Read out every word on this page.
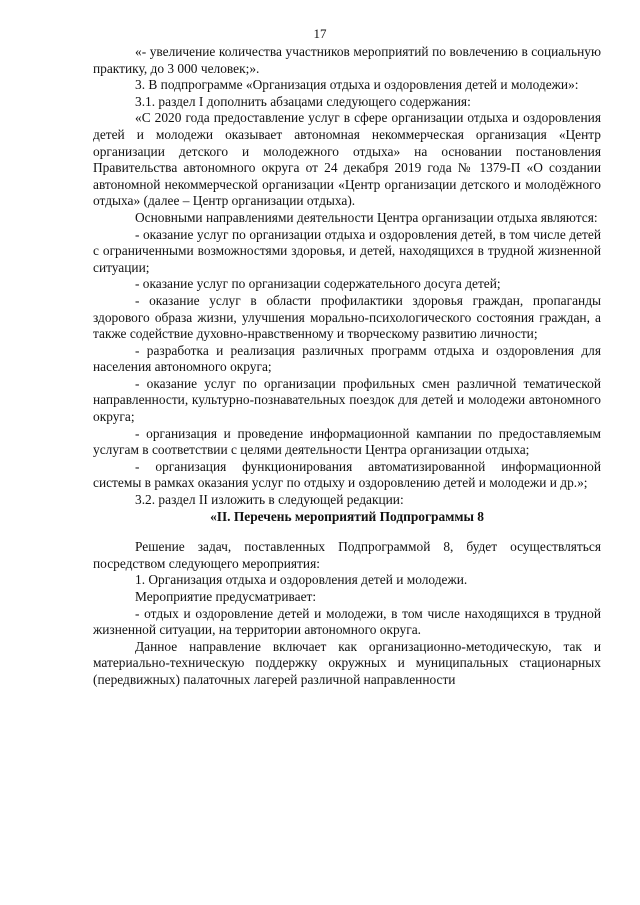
17

«- увеличение количества участников мероприятий по вовлечению в социальную практику, до 3 000 человек;».

3. В подпрограмме «Организация отдыха и оздоровления детей и молодежи»:

3.1. раздел I дополнить абзацами следующего содержания:

«С 2020 года предоставление услуг в сфере организации отдыха и оздоровления детей и молодежи оказывает автономная некоммерческая организация «Центр организации детского и молодежного отдыха» на основании постановления Правительства автономного округа от 24 декабря 2019 года № 1379-П «О создании автономной некоммерческой организации «Центр организации детского и молодёжного отдыха» (далее – Центр организации отдыха).

Основными направлениями деятельности Центра организации отдыха являются:

- оказание услуг по организации отдыха и оздоровления детей, в том числе детей с ограниченными возможностями здоровья, и детей, находящихся в трудной жизненной ситуации;

- оказание услуг по организации содержательного досуга детей;

- оказание услуг в области профилактики здоровья граждан, пропаганды здорового образа жизни, улучшения морально-психологического состояния граждан, а также содействие духовно-нравственному и творческому развитию личности;

- разработка и реализация различных программ отдыха и оздоровления для населения автономного округа;

- оказание услуг по организации профильных смен различной тематической направленности, культурно-познавательных поездок для детей и молодежи автономного округа;

- организация и проведение информационной кампании по предоставляемым услугам в соответствии с целями деятельности Центра организации отдыха;

- организация функционирования автоматизированной информационной системы в рамках оказания услуг по отдыху и оздоровлению детей и молодежи и др.»;

3.2. раздел II изложить в следующей редакции:

«II. Перечень мероприятий Подпрограммы 8

Решение задач, поставленных Подпрограммой 8, будет осуществляться посредством следующего мероприятия:

1. Организация отдыха и оздоровления детей и молодежи.

Мероприятие предусматривает:

- отдых и оздоровление детей и молодежи, в том числе находящихся в трудной жизненной ситуации, на территории автономного округа.

Данное направление включает как организационно-методическую, так и материально-техническую поддержку окружных и муниципальных стационарных (передвижных) палаточных лагерей различной направленности
